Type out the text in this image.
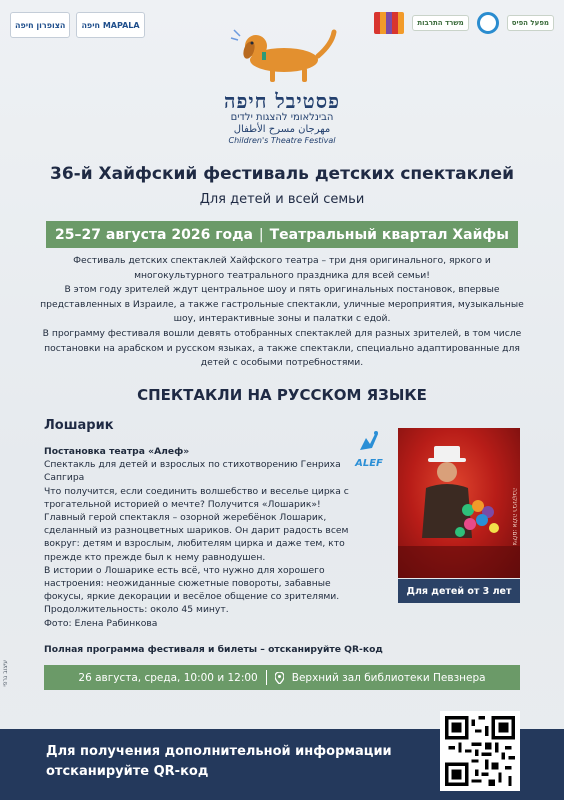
הצופרון חיפה	חיפה MAPALA	משרד התרבות	מפעל הפיס
פסטיבל חיפה
הבינלאומי להצגות ילדים
مهرجان مسرح الأطفال
Children's Theatre Festival
36-й Хайфский фестиваль детских спектаклей
Для детей и всей семьи
25–27 августа 2026 года | Театральный квартал Хайфы

Фестиваль детских спектаклей Хайфского театра – три дня оригинального, яркого и многокультурного театрального праздника для всей семьи!

В этом году зрителей ждут центральное шоу и пять оригинальных постановок, впервые представленных в Израиле, а также гастрольные спектакли, уличные мероприятия, музыкальные шоу, интерактивные зоны и палатки с едой.

В программу фестиваля вошли девять отобранных спектаклей для разных зрителей, в том числе постановки на арабском и русском языках, а также спектакли, специально адаптированные для детей с особыми потребностями.

СПЕКТАКЛИ НА РУССКОМ ЯЗЫКЕ
Лошарик
ALEF

Постановка театра «Алеф»

Спектакль для детей и взрослых по стихотворению Генриха Сапгира

Что получится, если соединить волшебство и веселье цирка с трогательной историей о мечте? Получится «Лошарик»!

Главный герой спектакля – озорной жеребёнок Лошарик, сделанный из разноцветных шариков. Он дарит радость всем вокруг: детям и взрослым, любителям цирка и даже тем, кто прежде кто прежде был к нему равнодушен.

В истории о Лошарике есть всё, что нужно для хорошего настроения: неожиданные сюжетные повороты, забавные фокусы, яркие декорации и весёлое общение со зрителями.

Продолжительность: около 45 минут.

Фото: Елена Рабинкова

צילום: אלנה רבינקובה
Для детей от 3 лет
Полная программа фестиваля и билеты – отсканируйте QR-код
26 августа, среда, 10:00 и 12:00	Верхний зал библиотеки Певзнера
עיצוב גרפי
Для получения дополнительной информации
отсканируйте QR-код
